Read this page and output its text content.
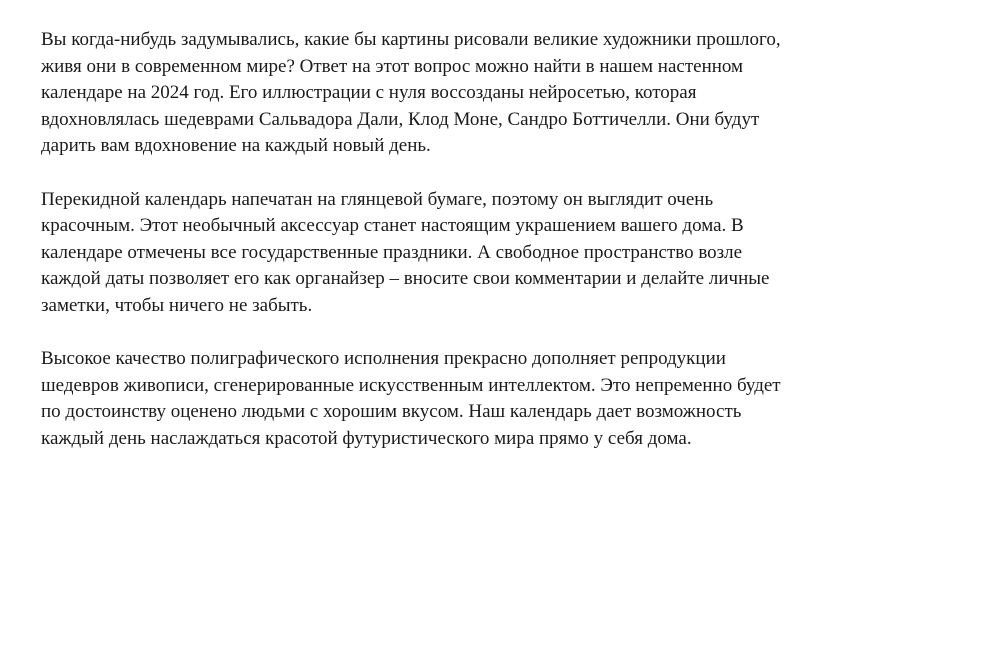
Вы когда-нибудь задумывались, какие бы картины рисовали великие художники прошлого,
живя они в современном мире? Ответ на этот вопрос можно найти в нашем настенном
календаре на 2024 год. Его иллюстрации с нуля воссозданы нейросетью, которая
вдохновлялась шедеврами Сальвадора Дали, Клод Моне, Сандро Боттичелли. Они будут
дарить вам вдохновение на каждый новый день.

Перекидной календарь напечатан на глянцевой бумаге, поэтому он выглядит очень
красочным. Этот необычный аксессуар станет настоящим украшением вашего дома. В
календаре отмечены все государственные праздники. А свободное пространство возле
каждой даты позволяет его как органайзер – вносите свои комментарии и делайте личные
заметки, чтобы ничего не забыть.

Высокое качество полиграфического исполнения прекрасно дополняет репродукции
шедевров живописи, сгенерированные искусственным интеллектом. Это непременно будет
по достоинству оценено людьми с хорошим вкусом. Наш календарь дает возможность
каждый день наслаждаться красотой футуристического мира прямо у себя дома.
